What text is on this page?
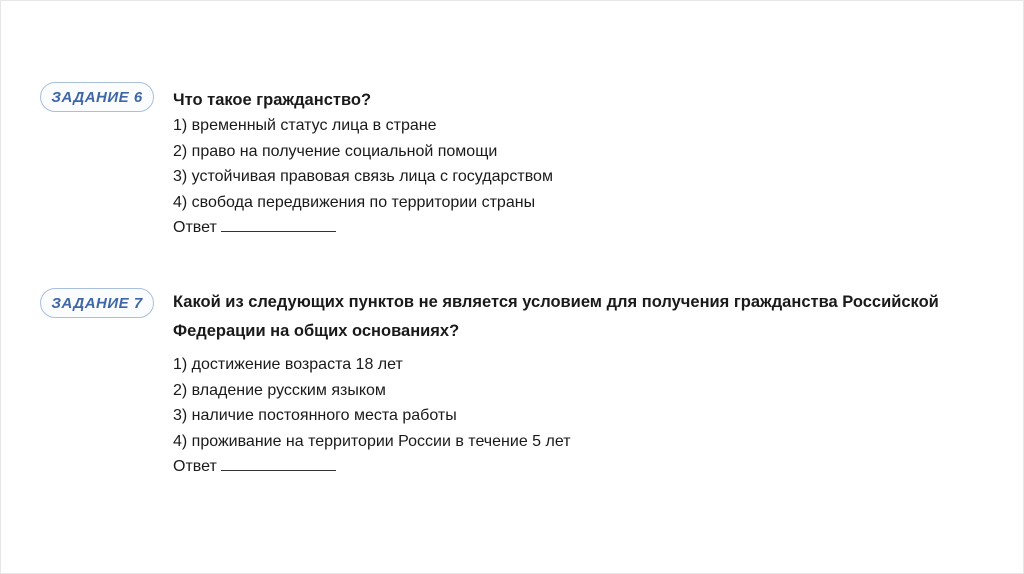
ЗАДАНИЕ 6 Что такое гражданство?

1) временный статус лица в стране

2) право на получение социальной помощи

3) устойчивая правовая связь лица с государством

4) свобода передвижения по территории страны

Ответ

ЗАДАНИЕ 7 Какой из следующих пунктов не является условием для получения гражданства Российской Федерации на общих основаниях?

1) достижение возраста 18 лет

2) владение русским языком

3) наличие постоянного места работы

4) проживание на территории России в течение 5 лет

Ответ
